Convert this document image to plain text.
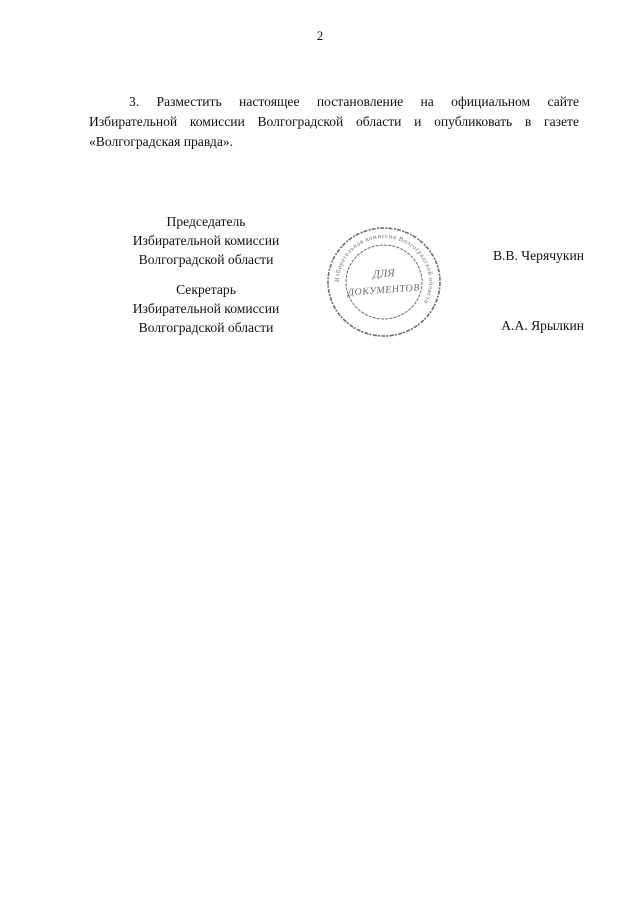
2
3. Разместить настоящее постановление на официальном сайте
Избирательной комиссии Волгоградской области и опубликовать в газете
«Волгоградская правда».
Председатель
Избирательной комиссии
Волгоградской области	В.В. Черячукин
Секретарь
Избирательной комиссии
Волгоградской области	А.А. Ярылкин
Избирательная комиссия Волгоградской области
ДЛЯ
ДОКУМЕНТОВ
